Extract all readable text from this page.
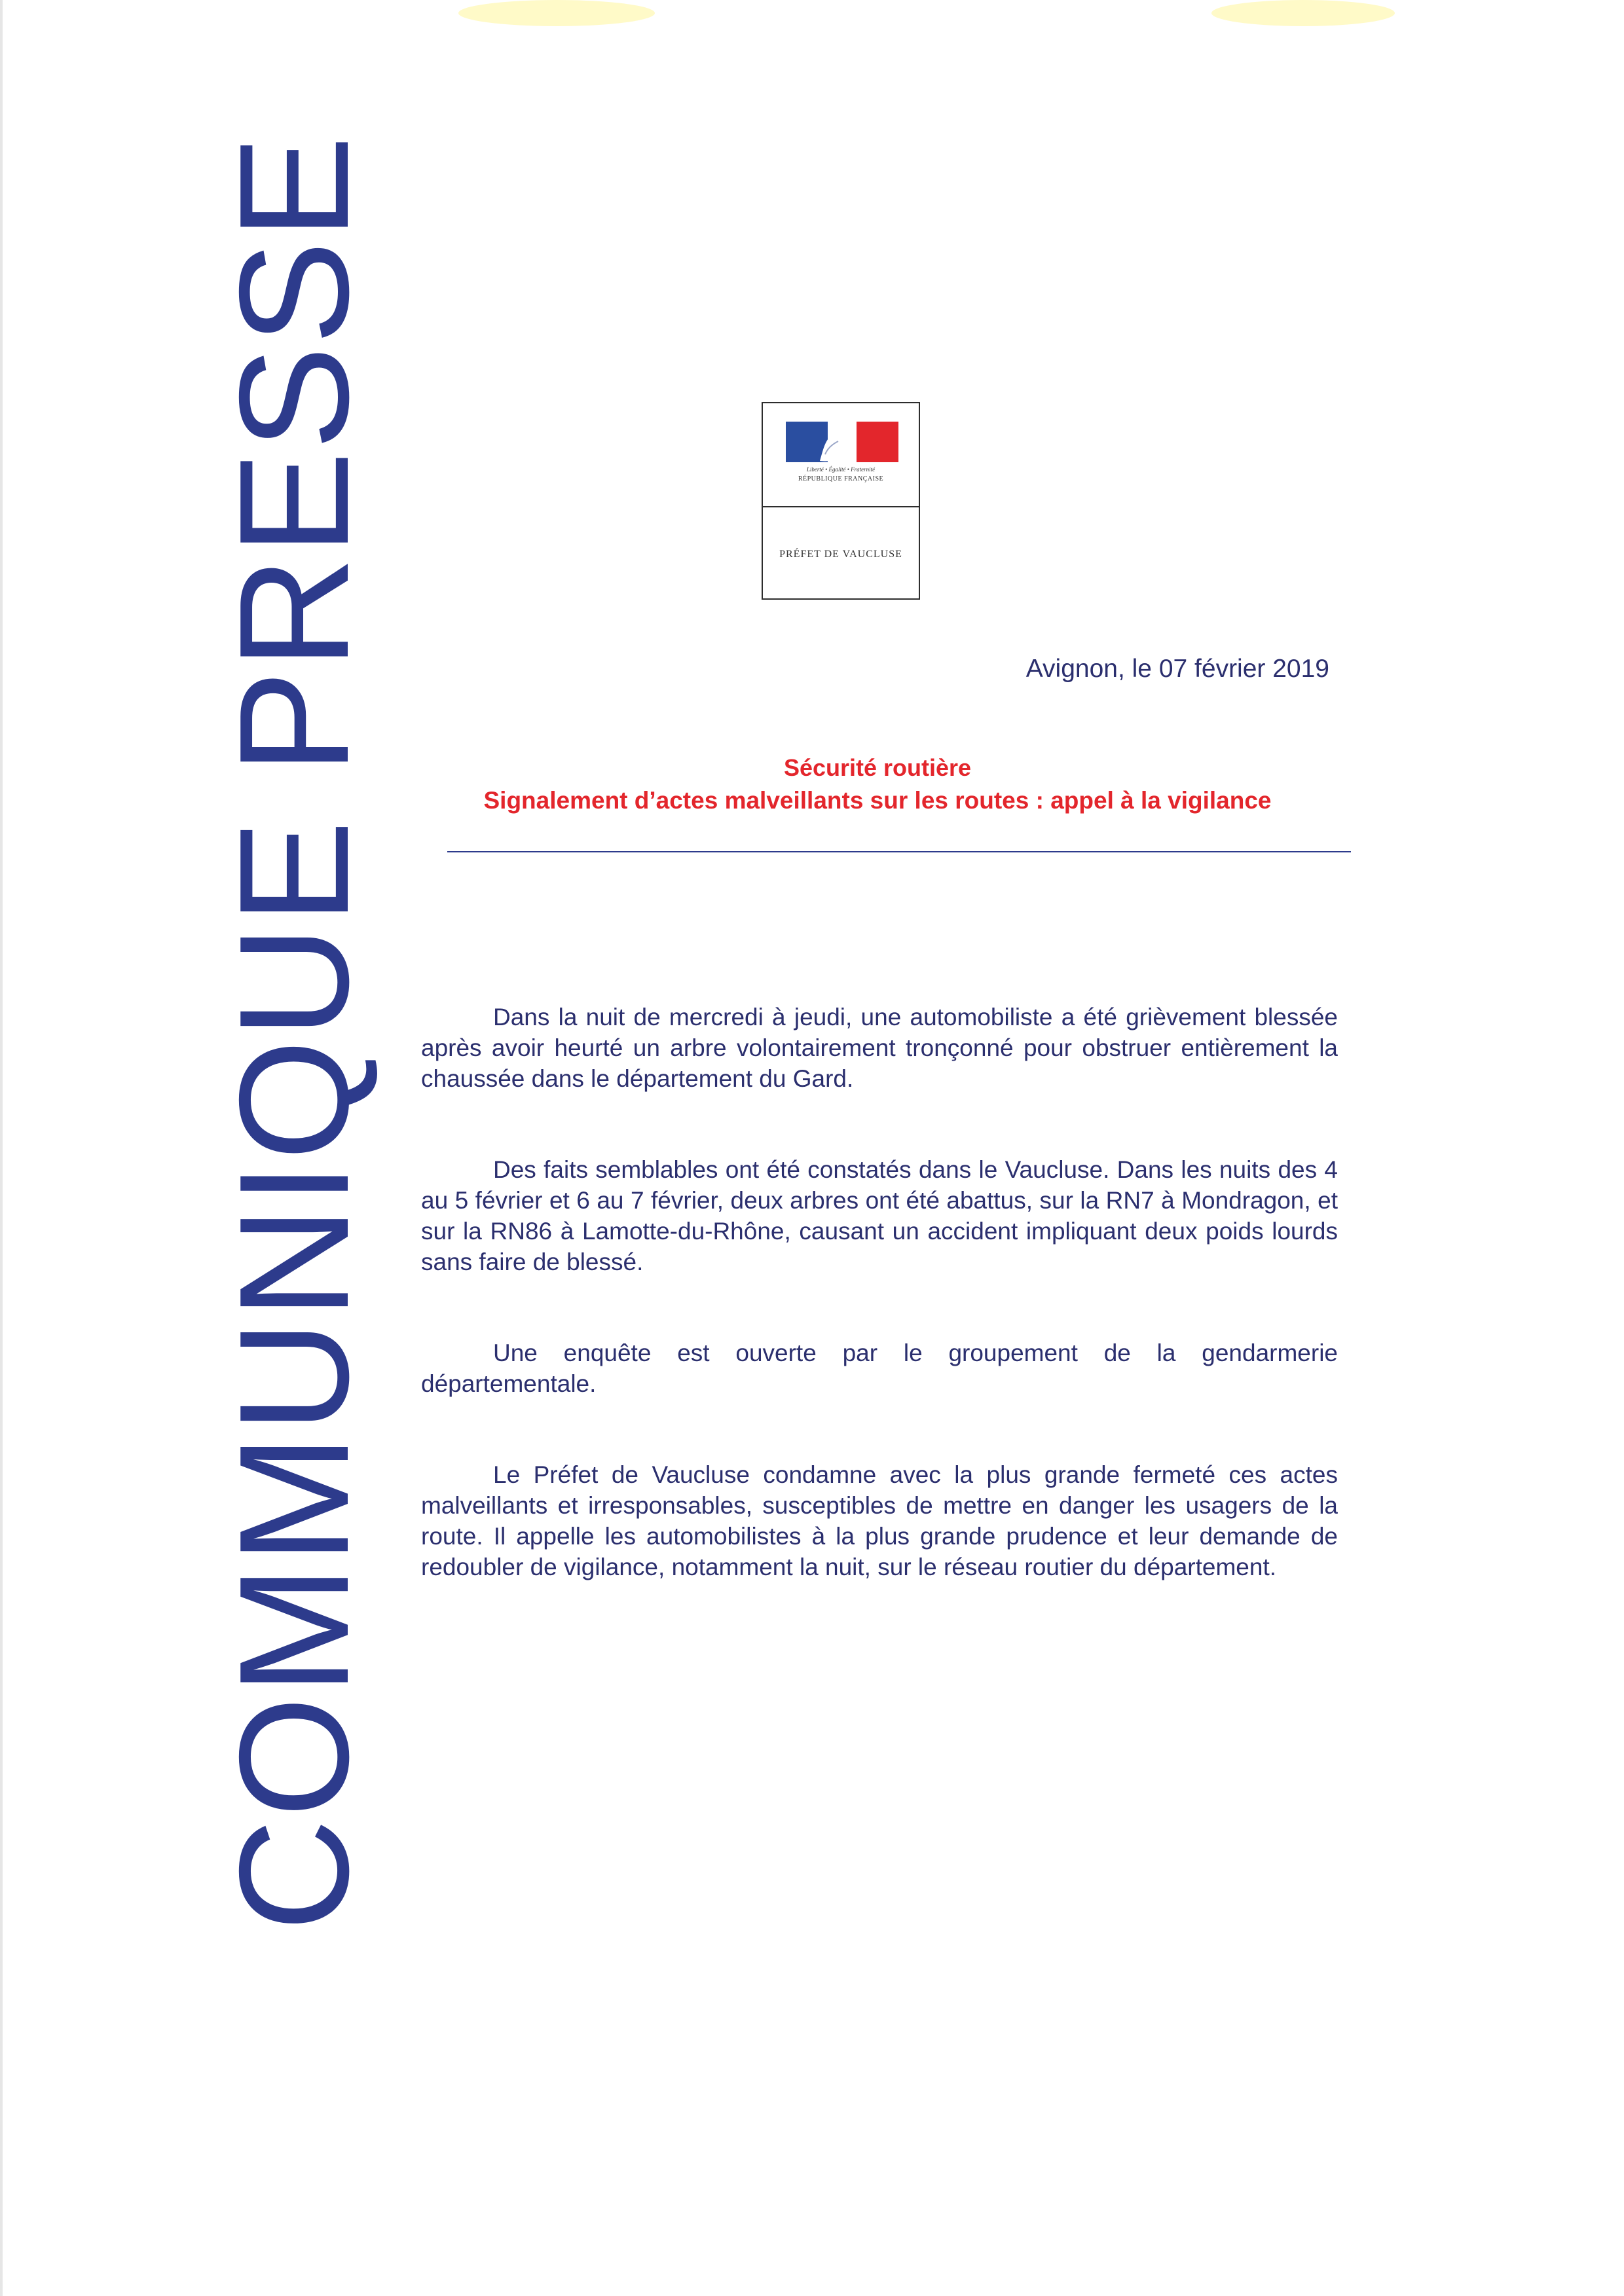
COMMUNIQUE PRESSE	Liberté • Égalité • Fraternité
RÉPUBLIQUE FRANÇAISE
PRÉFET DE VAUCLUSE
Avignon, le 07 février 2019
Sécurité routière
Signalement d’actes malveillants sur les routes : appel à la vigilance

Dans la nuit de mercredi à jeudi, une automobiliste a été grièvement blessée après avoir heurté un arbre volontairement tronçonné pour obstruer entièrement la chaussée dans le département du Gard.

Des faits semblables ont été constatés dans le Vaucluse. Dans les nuits des 4 au 5 février et 6 au 7 février, deux arbres ont été abattus, sur la RN7 à Mondragon, et sur la RN86 à Lamotte-du-Rhône, causant un accident impliquant deux poids lourds sans faire de blessé.

Une enquête est ouverte par le groupement de la gendarmerie départementale.

Le Préfet de Vaucluse condamne avec la plus grande fermeté ces actes malveillants et irresponsables, susceptibles de mettre en danger les usagers de la route. Il appelle les automobilistes à la plus grande prudence et leur demande de redoubler de vigilance, notamment la nuit, sur le réseau routier du département.
